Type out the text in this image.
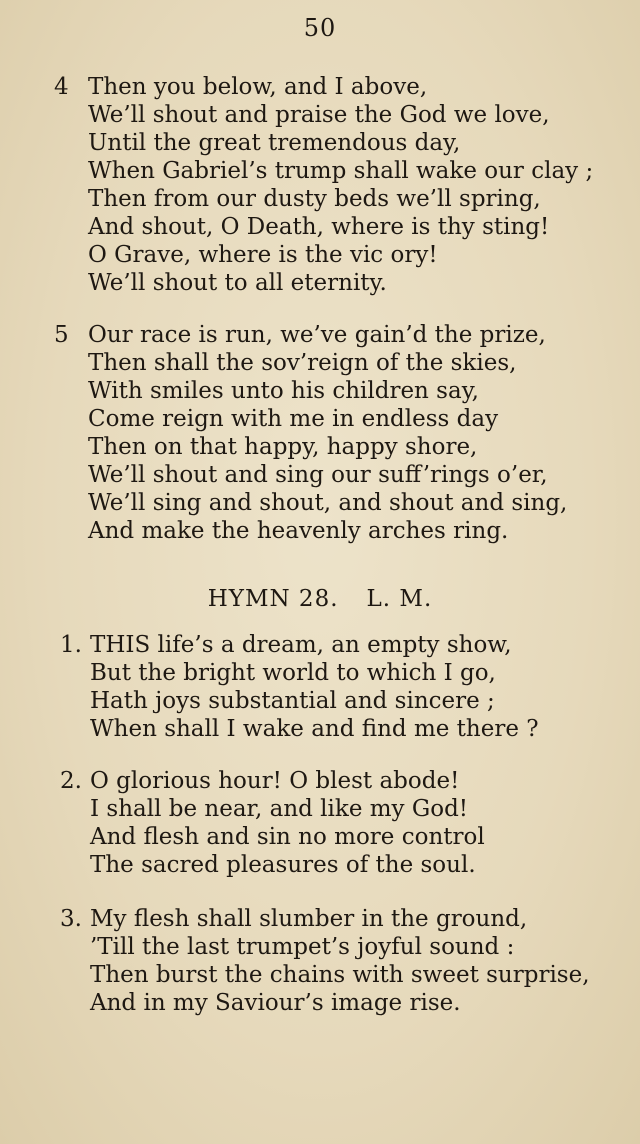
50
4 Then you below, and I above,
We’ll shout and praise the God we love,
Until the great tremendous day,
When Gabriel’s trump shall wake our clay ;
Then from our dusty beds we’ll spring,
And shout, O Death, where is thy sting!
O Grave, where is the vic ory!
We’ll shout to all eternity.
5 Our race is run, we’ve gain’d the prize,
Then shall the sov’reign of the skies,
With smiles unto his children say,
Come reign with me in endless day
Then on that happy, happy shore,
We’ll shout and sing our suff’rings o’er,
We’ll sing and shout, and shout and sing,
And make the heavenly arches ring.
HYMN 28. L. M.
1. THIS life’s a dream, an empty show,
But the bright world to which I go,
Hath joys substantial and sincere ;
When shall I wake and find me there ?
2. O glorious hour! O blest abode!
I shall be near, and like my God!
And flesh and sin no more control
The sacred pleasures of the soul.
3. My flesh shall slumber in the ground,
’Till the last trumpet’s joyful sound :
Then burst the chains with sweet surprise,
And in my Saviour’s image rise.
